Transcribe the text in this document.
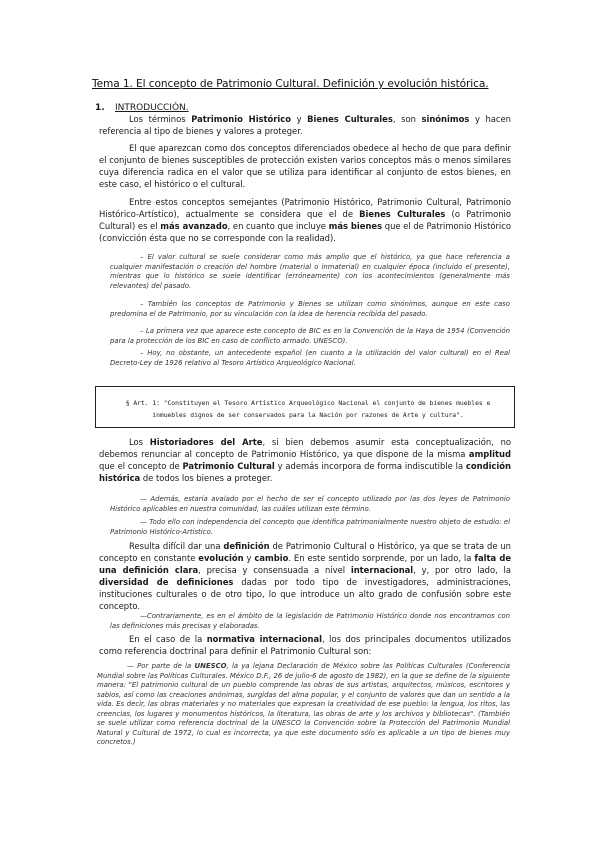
Tema 1. El concepto de Patrimonio Cultural. Definición y evolución histórica.
1. INTRODUCCIÓN.

Los términos Patrimonio Histórico y Bienes Culturales, son sinónimos y hacen referencia al tipo de bienes y valores a proteger.

El que aparezcan como dos conceptos diferenciados obedece al hecho de que para definir el conjunto de bienes susceptibles de protección existen varios conceptos más o menos similares cuya diferencia radica en el valor que se utiliza para identificar al conjunto de estos bienes, en este caso, el histórico o el cultural.

Entre estos conceptos semejantes (Patrimonio Histórico, Patrimonio Cultural, Patrimonio Histórico-Artístico), actualmente se considera que el de Bienes Culturales (o Patrimonio Cultural) es el más avanzado, en cuanto que incluye más bienes que el de Patrimonio Histórico (convicción ésta que no se corresponde con la realidad).

– El valor cultural se suele considerar como más amplio que el histórico, ya que hace referencia a cualquier manifestación o creación del hombre (material o inmaterial) en cualquier época (incluido el presente), mientras que lo histórico se suele identificar (erróneamente) con los acontecimientos (generalmente más relevantes) del pasado.

– También los conceptos de Patrimonio y Bienes se utilizan como sinónimos, aunque en este caso predomina el de Patrimonio, por su vinculación con la idea de herencia recibida del pasado.

– La primera vez que aparece este concepto de BIC es en la Convención de la Haya de 1954 (Convención para la protección de los BIC en caso de conflicto armado. UNESCO).

– Hoy, no obstante, un antecedente español (en cuanto a la utilización del valor cultural) en el Real Decreto-Ley de 1926 relativo al Tesoro Artístico Arqueológico Nacional.

§ Art. 1: "Constituyen el Tesoro Artístico Arqueológico Nacional el conjunto de bienes muebles e inmuebles dignos de ser conservados para la Nación por razones de Arte y cultura".

Los Historiadores del Arte, si bien debemos asumir esta conceptualización, no debemos renunciar al concepto de Patrimonio Histórico, ya que dispone de la misma amplitud que el concepto de Patrimonio Cultural y además incorpora de forma indiscutible la condición histórica de todos los bienes a proteger.

— Además, estaría avalado por el hecho de ser el concepto utilizado por las dos leyes de Patrimonio Histórico aplicables en nuestra comunidad, las cuáles utilizan este término.

— Todo ello con independencia del concepto que identifica patrimonialmente nuestro objeto de estudio: el Patrimonio Histórico-Artístico.

Resulta difícil dar una definición de Patrimonio Cultural o Histórico, ya que se trata de un concepto en constante evolución y cambio. En este sentido sorprende, por un lado, la falta de una definición clara, precisa y consensuada a nivel internacional, y, por otro lado, la diversidad de definiciones dadas por todo tipo de investigadores, administraciones, instituciones culturales o de otro tipo, lo que introduce un alto grado de confusión sobre este concepto.

—Contrariamente, es en el ámbito de la legislación de Patrimonio Histórico donde nos encontramos con las definiciones más precisas y elaboradas.

En el caso de la normativa internacional, los dos principales documentos utilizados como referencia doctrinal para definir el Patrimonio Cultural son:

— Por parte de la UNESCO, la ya lejana Declaración de México sobre las Políticas Culturales (Conferencia Mundial sobre las Políticas Culturales. México D.F., 26 de julio-6 de agosto de 1982), en la que se define de la siguiente manera: "El patrimonio cultural de un pueblo comprende las obras de sus artistas, arquitectos, músicos, escritores y sabios, así como las creaciones anónimas, surgidas del alma popular, y el conjunto de valores que dan un sentido a la vida. Es decir, las obras materiales y no materiales que expresan la creatividad de ese pueblo: la lengua, los ritos, las creencias, los lugares y monumentos históricos, la literatura, las obras de arte y los archivos y bibliotecas". (También se suele utilizar como referencia doctrinal de la UNESCO la Convención sobre la Protección del Patrimonio Mundial Natural y Cultural de 1972, lo cual es incorrecta, ya que este documento sólo es aplicable a un tipo de bienes muy concretos.)
